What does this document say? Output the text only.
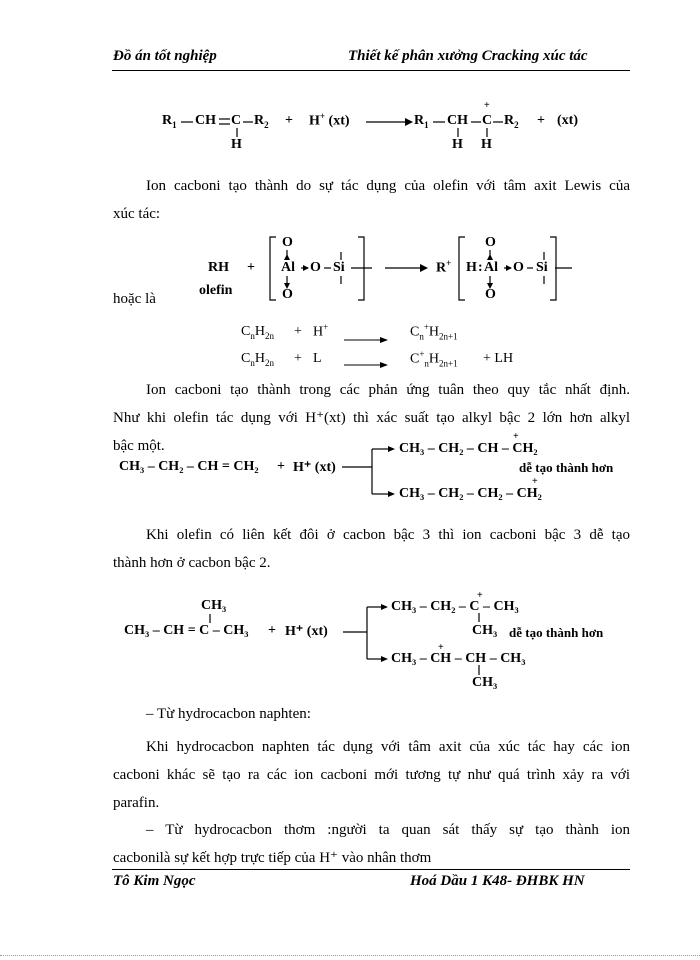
Đồ án tốt nghiệp	Thiết kế phân xưởng Cracking xúc tác
$R_1$ CH C $R_2$
H
+ H+ (xt)	$R_1$ CH C
+
$R_2$
H H
+ (xt)
Ion cacboni tạo thành do sự tác dụng của olefin với tâm axit Lewis của
xúc tác:
RH
olefin
+
hoặc là
O
Al O Si
O
R+
O
H : Al O Si
O
$C_nH_{2n} + H^+$	$C_n^+H_{2n+1}$
$C_nH_{2n} + L$	$C^+_nH_{2n+1}$ + LH
Ion cacboni tạo thành trong các phản ứng tuân theo quy tắc nhất định.
Như khi olefin tác dụng với H⁺(xt) thì xác suất tạo alkyl bậc 2 lớn hơn alkyl
bậc một.
CH₃ – CH₂ – CH = CH₂ + H⁺ (xt)
CH₃ – CH₂ – CH – CH₂
+
dễ tạo thành hơn
CH₃ – CH₂ – CH₂ – CH₂
+
Khi olefin có liên kết đôi ở cacbon bậc 3 thì ion cacboni bậc 3 dễ tạo
thành hơn ở cacbon bậc 2.
CH₃
CH₃ – CH = C – CH₃ + H⁺ (xt)
CH₃ – CH₂ – C – CH₃
+
CH₃ dễ tạo thành hơn
CH₃ – CH – CH – CH₃
+
CH₃
– Từ hydrocacbon naphten:
Khi hydrocacbon naphten tác dụng với tâm axit của xúc tác hay các ion
cacboni khác sẽ tạo ra các ion cacboni mới tương tự như quá trình xảy ra với
parafin.
– Từ hydrocacbon thơm :người ta quan sát thấy sự tạo thành ion
cacbonilà sự kết hợp trực tiếp của H⁺ vào nhân thơm
Tô Kim Ngọc	Hoá Dầu 1 K48- ĐHBK HN
